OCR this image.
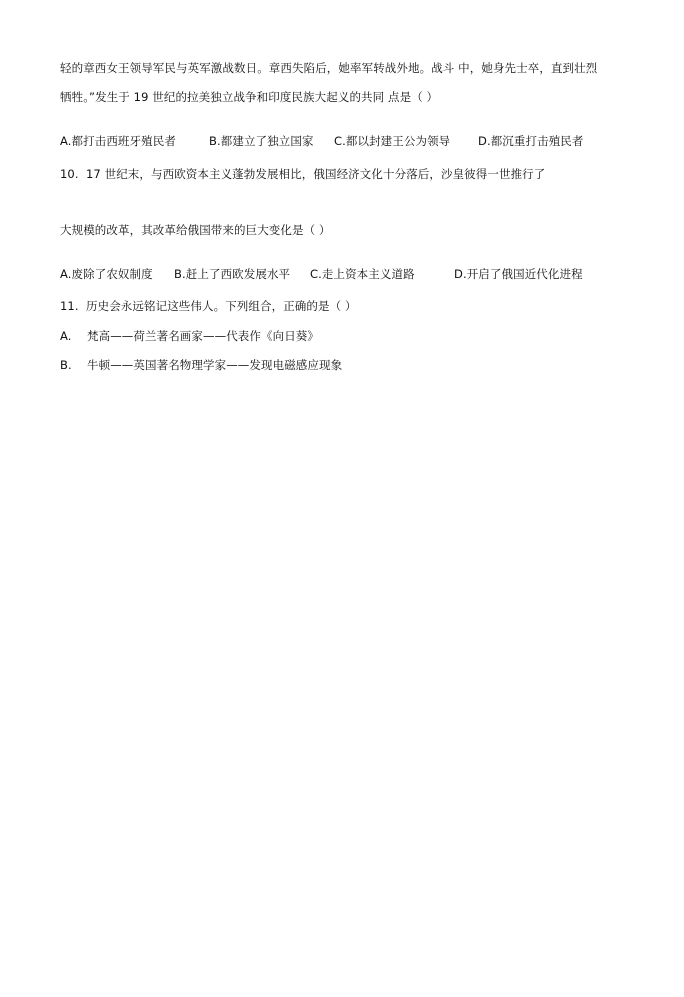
轻的章西女王领导军民与英军激战数日。章西失陷后，她率军转战外地。战斗 中，她身先士卒，直到壮烈
牺牲。”发生于 19 世纪的拉美独立战争和印度民族大起义的共同 点是（ ）
A.都打击西班牙殖民者	B.都建立了独立国家 C.都以封建王公为领导 D.都沉重打击殖民者
10. 17 世纪末，与西欧资本主义蓬勃发展相比，俄国经济文化十分落后，沙皇彼得一世推行了
大规模的改革，其改革给俄国带来的巨大变化是（ ）
A.废除了农奴制度 B.赶上了西欧发展水平 C.走上资本主义道路	D.开启了俄国近代化进程
11. 历史会永远铭记这些伟人。下列组合，正确的是（ ）
A. 梵高——荷兰著名画家——代表作《向日葵》
B. 牛顿——英国著名物理学家——发现电磁感应现象
